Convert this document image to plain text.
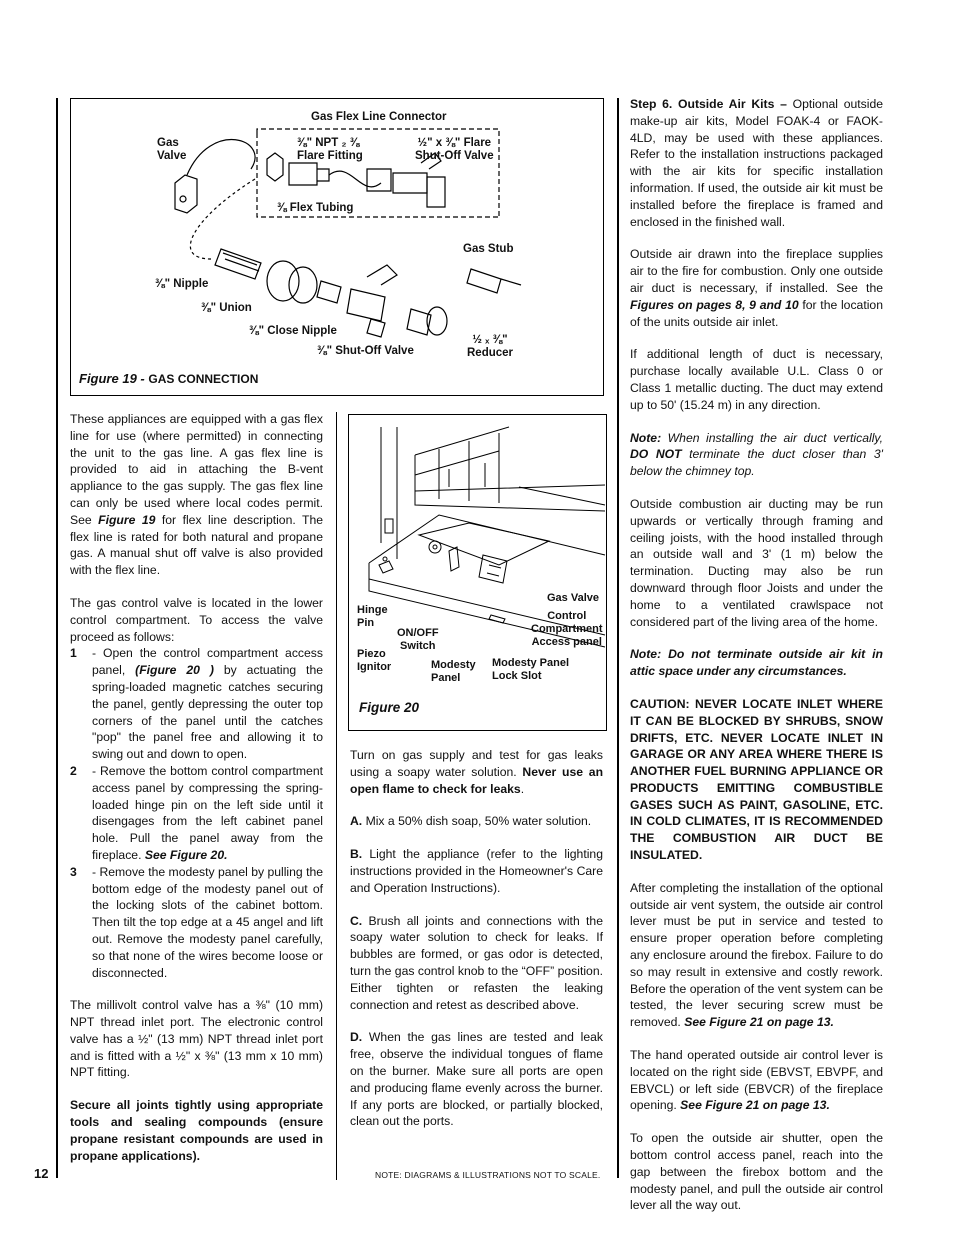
Gas Flex Line Connector
Gas
Valve
⅜" NPT ₂ ⅜
Flare Fitting
½" x ⅜" Flare
Shut-Off Valve
⅜ Flex Tubing
Gas Stub
⅜" Nipple
⅜" Union
⅜" Close Nipple
⅜" Shut-Off Valve
½ ₓ ⅜"
Reducer
Figure 19 - GAS CONNECTION
Gas Valve
Control
Compartment
Access panel
Hinge
Pin
ON/OFF
Switch
Piezo
Ignitor	Modesty
Panel
Modesty Panel
Lock Slot
Figure 20

These appliances are equipped with a gas flex line for use (where permitted) in connecting the unit to the gas line. A gas flex line is provided to aid in attaching the B-vent appliance to the gas supply. The gas flex line can only be used where local codes permit. See Figure 19 for flex line description. The flex line is rated for both natural and propane gas. A manual shut off valve is also provided with the flex line.

The gas control valve is located in the lower control compartment. To access the valve proceed as follows:

1 - Open the control compartment access panel, (Figure 20 ) by actuating the spring-loaded magnetic catches securing the panel, gently depressing the outer top corners of the panel until the catches "pop" the panel free and allowing it to swing out and down to open.
2 - Remove the bottom control compartment access panel by compressing the spring-loaded hinge pin on the left side until it disengages from the left cabinet panel hole. Pull the panel away from the fireplace. See Figure 20.
3 - Remove the modesty panel by pulling the bottom edge of the modesty panel out of the locking slots of the cabinet bottom. Then tilt the top edge at a 45 angel and lift out. Remove the modesty panel carefully, so that none of the wires become loose or disconnected.

The millivolt control valve has a ⅜" (10 mm) NPT thread inlet port. The electronic control valve has a ½" (13 mm) NPT thread inlet port and is fitted with a ½" x ⅜" (13 mm x 10 mm) NPT fitting.

Secure all joints tightly using appropriate tools and sealing compounds (ensure propane resistant compounds are used in propane applications).

Turn on gas supply and test for gas leaks using a soapy water solution. Never use an open flame to check for leaks.

A. Mix a 50% dish soap, 50% water solution.

B. Light the appliance (refer to the lighting instructions provided in the Homeowner's Care and Operation Instructions).

C. Brush all joints and connections with the soapy water solution to check for leaks. If bubbles are formed, or gas odor is detected, turn the gas control knob to the “OFF” position. Either tighten or refasten the leaking connection and retest as described above.

D. When the gas lines are tested and leak free, observe the individual tongues of flame on the burner. Make sure all ports are open and producing flame evenly across the burner. If any ports are blocked, or partially blocked, clean out the ports.

Step 6. Outside Air Kits – Optional outside make-up air kits, Model FOAK-4 or FAOK-4LD, may be used with these appliances. Refer to the installation instructions packaged with the air kits for specific installation information. If used, the outside air kit must be installed before the fireplace is framed and enclosed in the finished wall.

Outside air drawn into the fireplace supplies air to the fire for combustion. Only one outside air duct is necessary, if installed. See the Figures on pages 8, 9 and 10 for the location of the units outside air inlet.

If additional length of duct is necessary, purchase locally available U.L. Class 0 or Class 1 metallic ducting. The duct may extend up to 50' (15.24 m) in any direction.

Note: When installing the air duct vertically, DO NOT terminate the duct closer than 3' below the chimney top.

Outside combustion air ducting may be run upwards or vertically through framing and ceiling joists, with the hood installed through an outside wall and 3' (1 m) below the termination. Ducting may also be run downward through floor Joists and under the home to a ventilated crawlspace not considered part of the living area of the home.

Note: Do not terminate outside air kit in attic space under any circumstances.

CAUTION: NEVER LOCATE INLET WHERE IT CAN BE BLOCKED BY SHRUBS, SNOW DRIFTS, ETC. NEVER LOCATE INLET IN GARAGE OR ANY AREA WHERE THERE IS ANOTHER FUEL BURNING APPLIANCE OR PRODUCTS EMITTING COMBUSTIBLE GASES SUCH AS PAINT, GASOLINE, ETC. IN COLD CLIMATES, IT IS RECOMMENDED THE COMBUSTION AIR DUCT BE INSULATED.

After completing the installation of the optional outside air vent system, the outside air control lever must be put in service and tested to ensure proper operation before completing any enclosure around the firebox. Failure to do so may result in extensive and costly rework. Before the operation of the vent system can be tested, the lever securing screw must be removed. See Figure 21 on page 13.

The hand operated outside air control lever is located on the right side (EBVST, EBVPF, and EBVCL) or left side (EBVCR) of the fireplace opening. See Figure 21 on page 13.

To open the outside air shutter, open the bottom control access panel, reach into the gap between the firebox bottom and the modesty panel, and pull the outside air control lever all the way out.

12	NOTE: DIAGRAMS & ILLUSTRATIONS NOT TO SCALE.
